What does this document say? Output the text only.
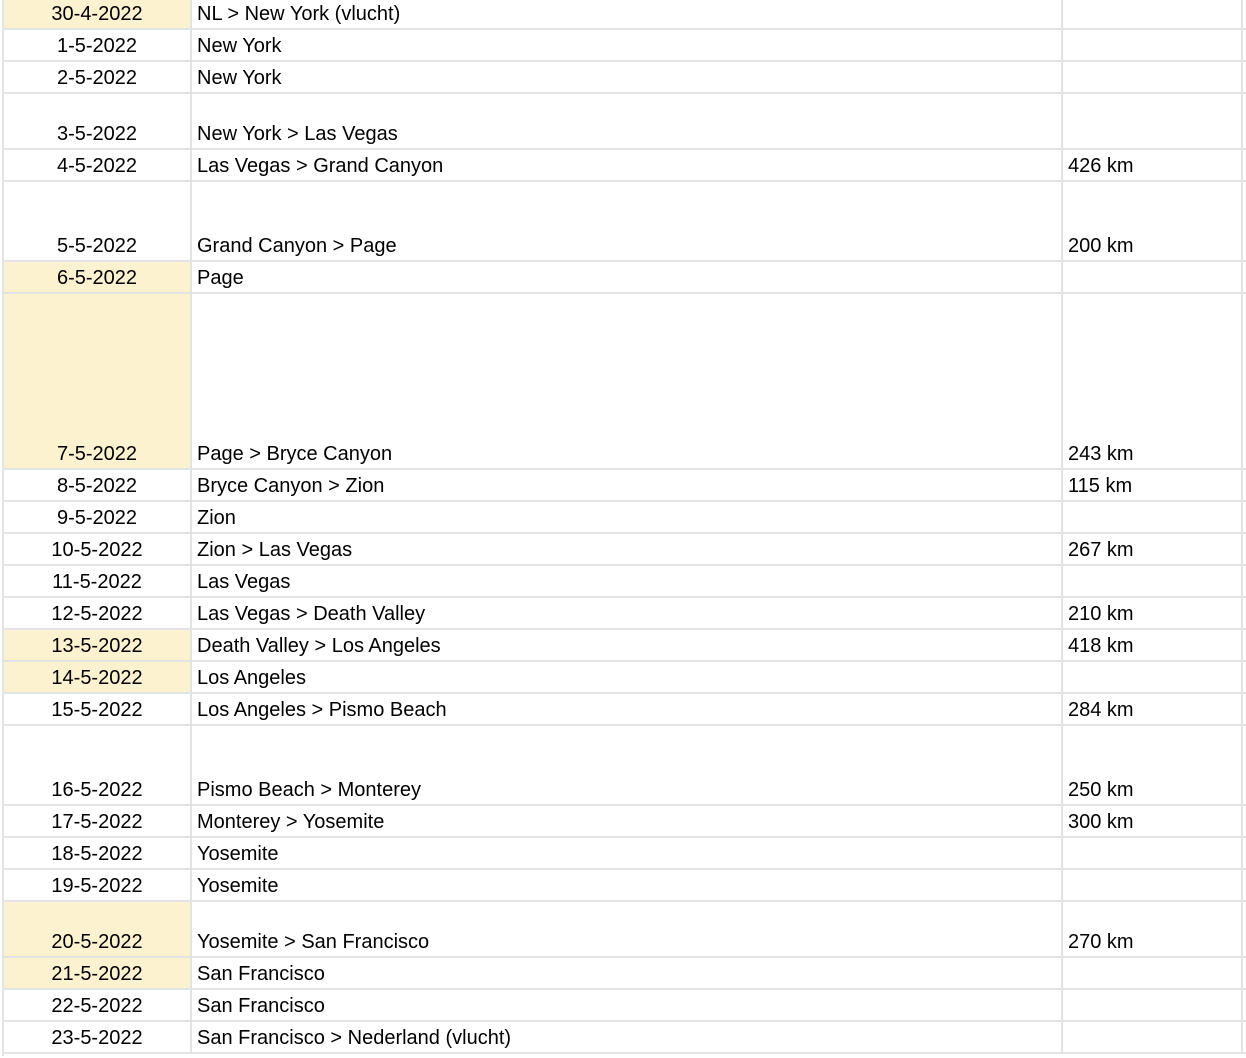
30-4-2022	NL > New York (vlucht)
1-5-2022	New York
2-5-2022	New York
3-5-2022	New York > Las Vegas
4-5-2022	Las Vegas > Grand Canyon	426 km
5-5-2022	Grand Canyon > Page	200 km
6-5-2022	Page
7-5-2022	Page > Bryce Canyon	243 km
8-5-2022	Bryce Canyon > Zion	115 km
9-5-2022	Zion
10-5-2022	Zion > Las Vegas	267 km
11-5-2022	Las Vegas
12-5-2022	Las Vegas > Death Valley	210 km
13-5-2022	Death Valley > Los Angeles	418 km
14-5-2022	Los Angeles
15-5-2022	Los Angeles > Pismo Beach	284 km
16-5-2022	Pismo Beach > Monterey	250 km
17-5-2022	Monterey > Yosemite	300 km
18-5-2022	Yosemite
19-5-2022	Yosemite
20-5-2022	Yosemite > San Francisco	270 km
21-5-2022	San Francisco
22-5-2022	San Francisco
23-5-2022	San Francisco > Nederland (vlucht)
